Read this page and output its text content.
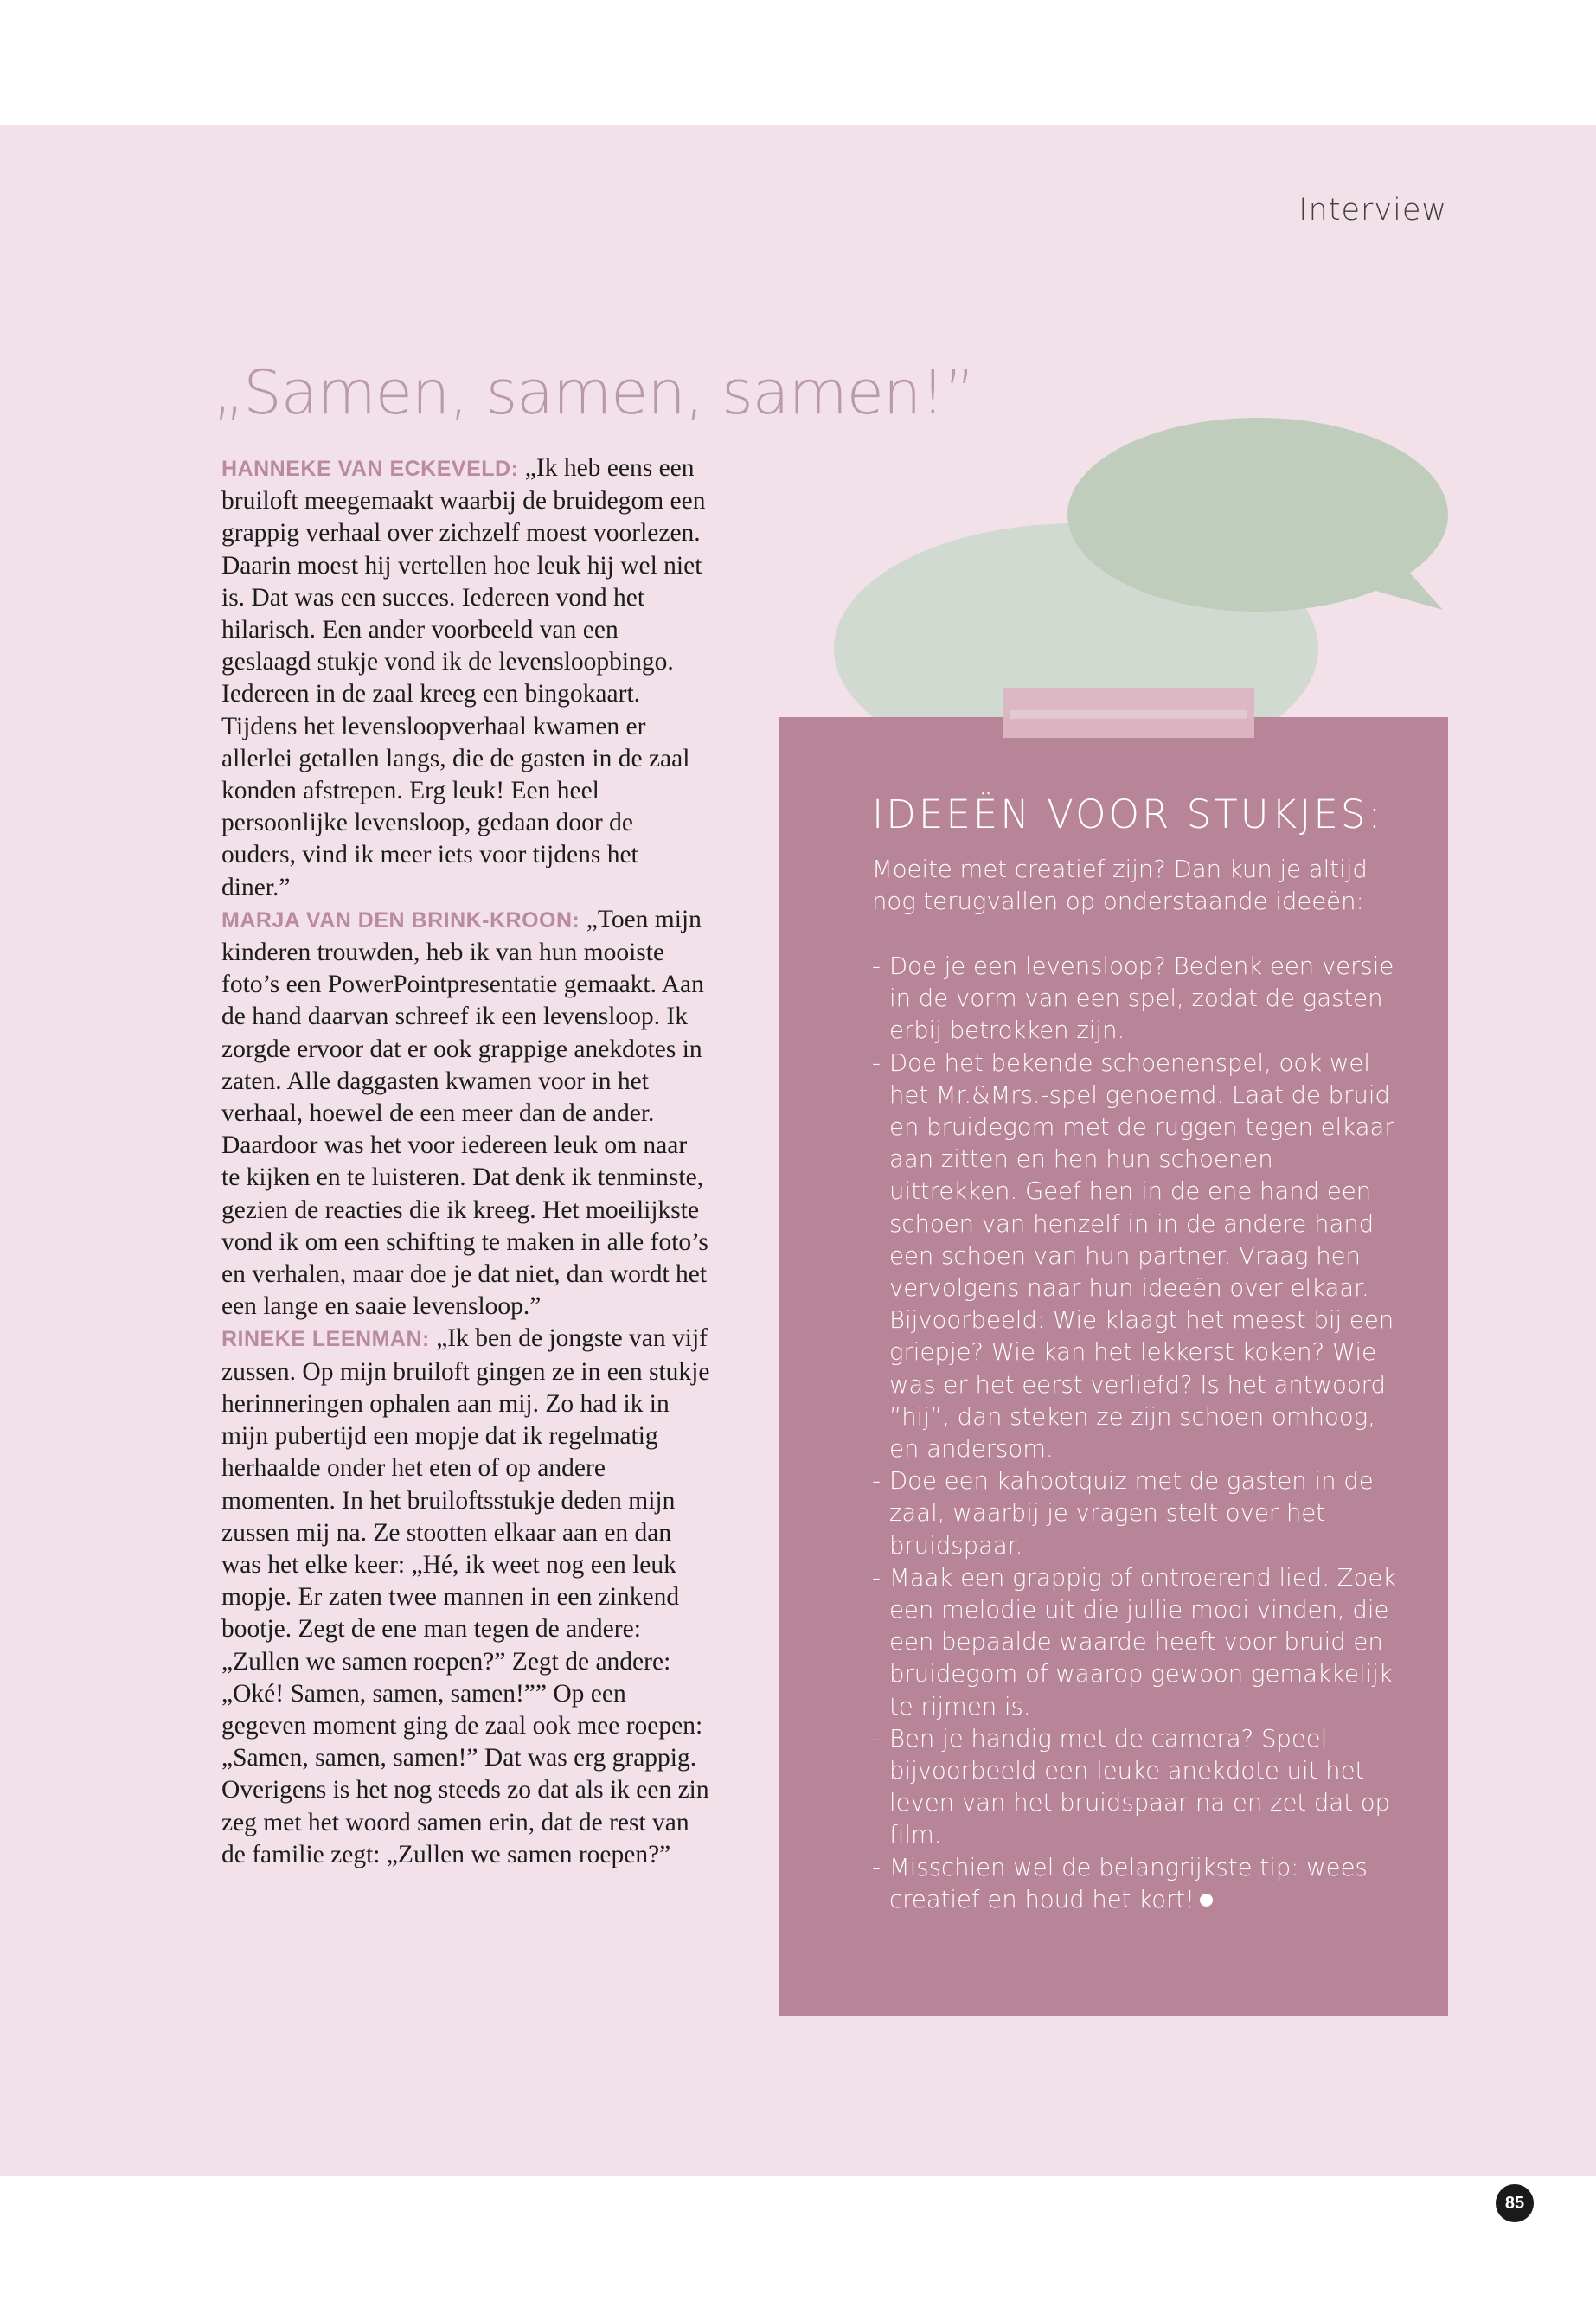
Interview
„Samen, samen, samen!”

HANNEKE VAN ECKEVELD: „Ik heb eens een bruiloft meegemaakt waarbij de bruidegom een grappig verhaal over zichzelf moest voorlezen. Daarin moest hij vertellen hoe leuk hij wel niet is. Dat was een succes. Iedereen vond het hilarisch. Een ander voorbeeld van een geslaagd stukje vond ik de levensloopbingo. Iedereen in de zaal kreeg een bingokaart. Tijdens het levensloopverhaal kwamen er allerlei getallen langs, die de gasten in de zaal konden afstrepen. Erg leuk! Een heel persoonlijke levensloop, gedaan door de ouders, vind ik meer iets voor tijdens het diner.”

MARJA VAN DEN BRINK-KROON: „Toen mijn kinderen trouwden, heb ik van hun mooiste foto’s een PowerPointpresentatie gemaakt. Aan de hand daarvan schreef ik een levensloop. Ik zorgde ervoor dat er ook grappige anekdotes in zaten. Alle daggasten kwamen voor in het verhaal, hoewel de een meer dan de ander. Daardoor was het voor iedereen leuk om naar te kijken en te luisteren. Dat denk ik tenminste, gezien de reacties die ik kreeg. Het moeilijkste vond ik om een schifting te maken in alle foto’s en verhalen, maar doe je dat niet, dan wordt het een lange en saaie levensloop.”

RINEKE LEENMAN: „Ik ben de jongste van vijf zussen. Op mijn bruiloft gingen ze in een stukje herinneringen ophalen aan mij. Zo had ik in mijn pubertijd een mopje dat ik regelmatig herhaalde onder het eten of op andere momenten. In het bruiloftsstukje deden mijn zussen mij na. Ze stootten elkaar aan en dan was het elke keer: „Hé, ik weet nog een leuk mopje. Er zaten twee mannen in een zinkend bootje. Zegt de ene man tegen de andere: „Zullen we samen roepen?” Zegt de andere: „Oké! Samen, samen, samen!”” Op een gegeven moment ging de zaal ook mee roepen: „Samen, samen, samen!” Dat was erg grappig. Overigens is het nog steeds zo dat als ik een zin zeg met het woord samen erin, dat de rest van de familie zegt: „Zullen we samen roepen?”

IDEEËN VOOR STUKJES:
Moeite met creatief zijn? Dan kun je altijd nog terugvallen op onderstaande ideeën:
- Doe je een levensloop? Bedenk een versie in de vorm van een spel, zodat de gasten erbij betrokken zijn.
- Doe het bekende schoenenspel, ook wel het Mr.&Mrs.-spel genoemd. Laat de bruid en bruidegom met de ruggen tegen elkaar aan zitten en hen hun schoenen uittrekken. Geef hen in de ene hand een schoen van henzelf in in de andere hand een schoen van hun partner. Vraag hen vervolgens naar hun ideeën over elkaar. Bijvoorbeeld: Wie klaagt het meest bij een griepje? Wie kan het lekkerst koken? Wie was er het eerst verliefd? Is het antwoord ”hij”, dan steken ze zijn schoen omhoog, en andersom.
- Doe een kahootquiz met de gasten in de zaal, waarbij je vragen stelt over het bruidspaar.
- Maak een grappig of ontroerend lied. Zoek een melodie uit die jullie mooi vinden, die een bepaalde waarde heeft voor bruid en bruidegom of waarop gewoon gemakkelijk te rijmen is.
- Ben je handig met de camera? Speel bijvoorbeeld een leuke anekdote uit het leven van het bruidspaar na en zet dat op film.
- Misschien wel de belangrijkste tip: wees creatief en houd het kort!
85
